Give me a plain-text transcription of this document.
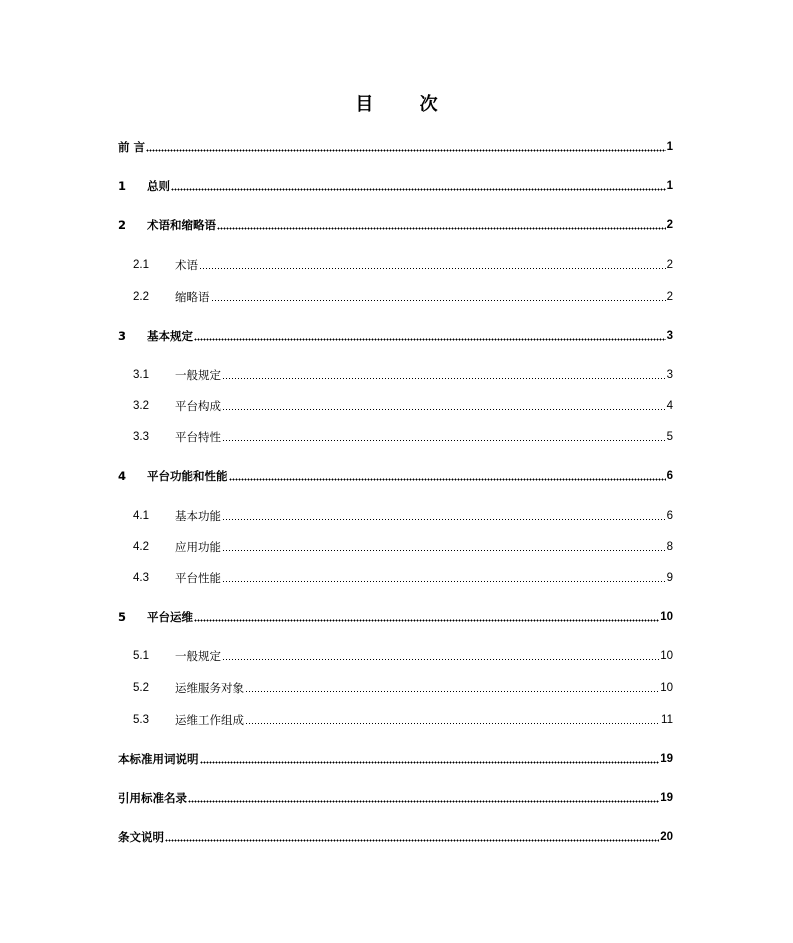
目 次
前 言	1
1	总则	1
2	术语和缩略语	2
2.1	术语	2
2.2	缩略语	2
3	基本规定	3
3.1	一般规定	3
3.2	平台构成	4
3.3	平台特性	5
4	平台功能和性能	6
4.1	基本功能	6
4.2	应用功能	8
4.3	平台性能	9
5	平台运维	10
5.1	一般规定	10
5.2	运维服务对象	10
5.3	运维工作组成	11
本标准用词说明	19
引用标准名录	19
条文说明	20
